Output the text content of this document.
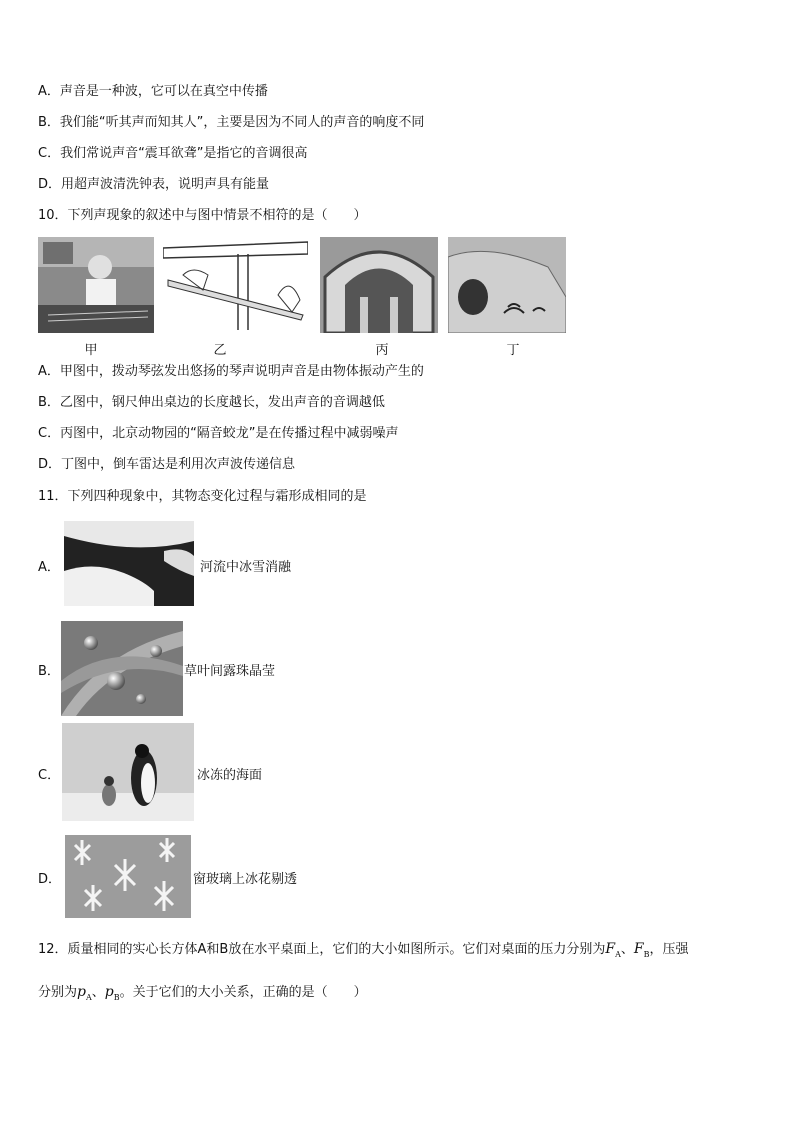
A．声音是一种波，它可以在真空中传播
B．我们能“听其声而知其人”，主要是因为不同人的声音的响度不同
C．我们常说声音“震耳欲聋”是指它的音调很高
D．用超声波清洗钟表，说明声具有能量
10．下列声现象的叙述中与图中情景不相符的是（　　）
甲	乙	丙	丁
A．甲图中，拨动琴弦发出悠扬的琴声说明声音是由物体振动产生的
B．乙图中，钢尺伸出桌边的长度越长，发出声音的音调越低
C．丙图中，北京动物园的“隔音蛟龙”是在传播过程中减弱噪声
D．丁图中，倒车雷达是利用次声波传递信息
11．下列四种现象中，其物态变化过程与霜形成相同的是
A．	河流中冰雪消融
B．	草叶间露珠晶莹
C．	冰冻的海面
D．	窗玻璃上冰花剔透
12．质量相同的实心长方体A和B放在水平桌面上，它们的大小如图所示。它们对桌面的压力分别为$F_A$、$F_B$，压强
分别为$p_A$、$p_B$。关于它们的大小关系，正确的是（　　）
